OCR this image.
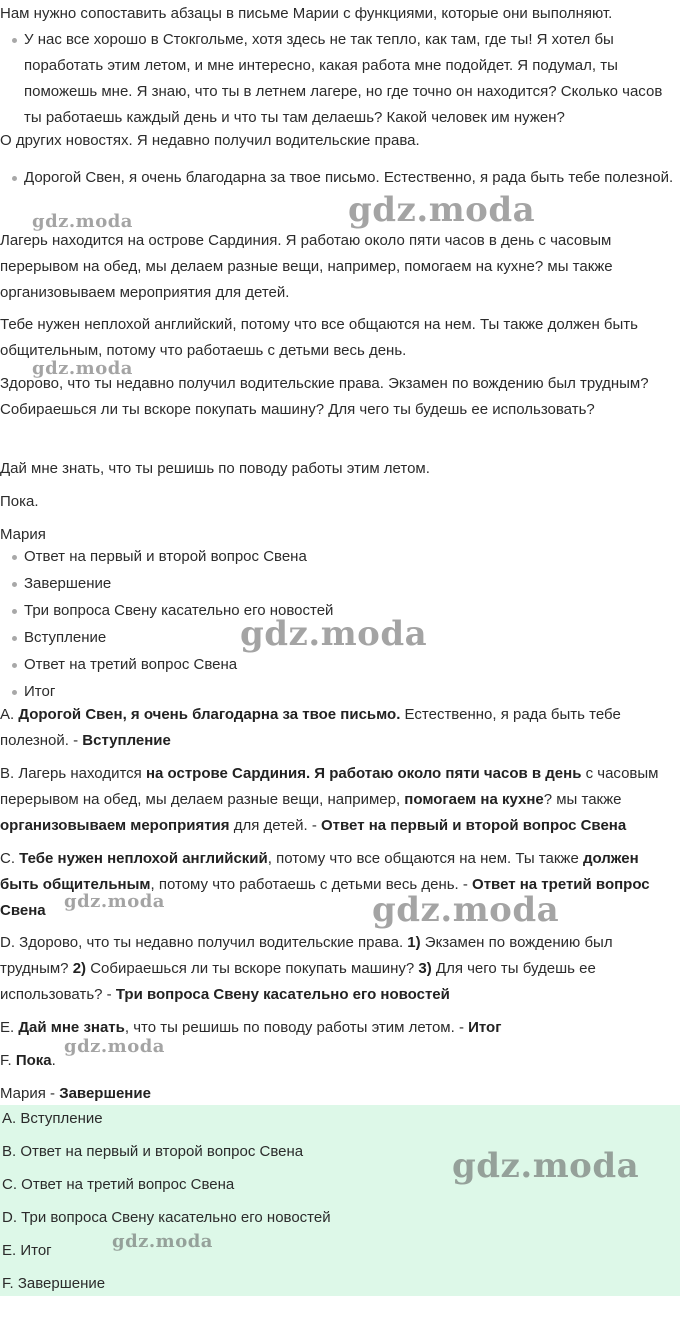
Нам нужно сопоставить абзацы в письме Марии с функциями, которые они выполняют.

У нас все хорошо в Стокгольме, хотя здесь не так тепло, как там, где ты! Я хотел бы поработать этим летом, и мне интересно, какая работа мне подойдет. Я подумал, ты поможешь мне. Я знаю, что ты в летнем лагере, но где точно он находится? Сколько часов ты работаешь каждый день и что ты там делаешь? Какой человек им нужен?

О других новостях. Я недавно получил водительские права.

Дорогой Свен, я очень благодарна за твое письмо. Естественно, я рада быть тебе полезной.

Лагерь находится на острове Сардиния. Я работаю около пяти часов в день с часовым перерывом на обед, мы делаем разные вещи, например, помогаем на кухне? мы также организовываем мероприятия для детей.

Тебе нужен неплохой английский, потому что все общаются на нем. Ты также должен быть общительным, потому что работаешь с детьми весь день.

Здорово, что ты недавно получил водительские права. Экзамен по вождению был трудным? Собираешься ли ты вскоре покупать машину? Для чего ты будешь ее использовать?

Дай мне знать, что ты решишь по поводу работы этим летом.

Пока.

Мария

Ответ на первый и второй вопрос Свена

Завершение

Три вопроса Свену касательно его новостей

Вступление

Ответ на третий вопрос Свена

Итог

A. Дорогой Свен, я очень благодарна за твое письмо. Естественно, я рада быть тебе полезной. - Вступление
B. Лагерь находится на острове Сардиния. Я работаю около пяти часов в день с часовым перерывом на обед, мы делаем разные вещи, например, помогаем на кухне? мы также организовываем мероприятия для детей. - Ответ на первый и второй вопрос Свена
C. Тебе нужен неплохой английский, потому что все общаются на нем. Ты также должен быть общительным, потому что работаешь с детьми весь день. - Ответ на третий вопрос Свена
D. Здорово, что ты недавно получил водительские права. 1) Экзамен по вождению был трудным? 2) Собираешься ли ты вскоре покупать машину? 3) Для чего ты будешь ее использовать? - Три вопроса Свену касательно его новостей
E. Дай мне знать, что ты решишь по поводу работы этим летом. - Итог
F. Пока.
Мария - Завершение
A. Вступление
B. Ответ на первый и второй вопрос Свена
C. Ответ на третий вопрос Свена
D. Три вопроса Свену касательно его новостей
E. Итог
F. Завершение
gdz.moda
gdz.moda
gdz.moda
gdz.moda
gdz.moda	gdz.moda
gdz.moda
gdz.moda
gdz.moda
